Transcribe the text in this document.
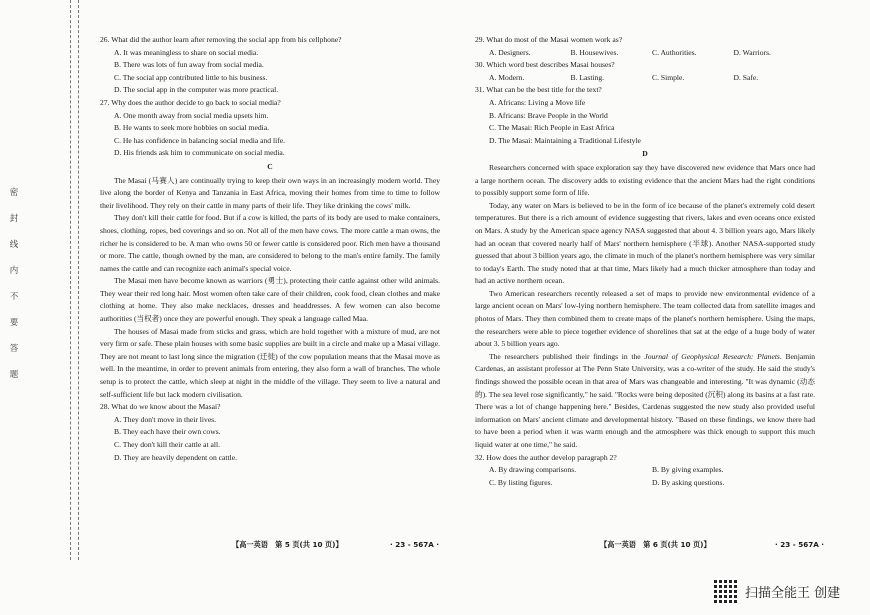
密 封 线 内 不 要 答 题

26. What did the author learn after removing the social app from his cellphone?

A. It was meaningless to share on social media.

B. There was lots of fun away from social media.

C. The social app contributed little to his business.

D. The social app in the computer was more practical.

27. Why does the author decide to go back to social media?

A. One month away from social media upsets him.

B. He wants to seek more hobbies on social media.

C. He has confidence in balancing social media and life.

D. His friends ask him to communicate on social media.

C

The Masai (马赛人) are continually trying to keep their own ways in an increasingly modern world. They live along the border of Kenya and Tanzania in East Africa, moving their homes from time to time to follow their livelihood. They rely on their cattle in many parts of their life. They like drinking the cows' milk.

They don't kill their cattle for food. But if a cow is killed, the parts of its body are used to make containers, shoes, clothing, ropes, bed coverings and so on. Not all of the men have cows. The more cattle a man owns, the richer he is considered to be. A man who owns 50 or fewer cattle is considered poor. Rich men have a thousand or more. The cattle, though owned by the man, are considered to belong to the man's entire family. The family names the cattle and can recognize each animal's special voice.

The Masai men have become known as warriors (勇士), protecting their cattle against other wild animals. They wear their red long hair. Most women often take care of their children, cook food, clean clothes and make clothing at home. They also make necklaces, dresses and headdresses. A few women can also become authorities (当权者) once they are powerful enough. They speak a language called Maa.

The houses of Masai made from sticks and grass, which are hold together with a mixture of mud, are not very firm or safe. These plain houses with some basic supplies are built in a circle and make up a Masai village. They are not meant to last long since the migration (迁徙) of the cow population means that the Masai move as well. In the meantime, in order to prevent animals from entering, they also form a wall of branches. The whole setup is to protect the cattle, which sleep at night in the middle of the village. They seem to live a natural and self-sufficient life but lack modern civilisation.

28. What do we know about the Masai?

A. They don't move in their lives.

B. They each have their own cows.

C. They don't kill their cattle at all.

D. They are heavily dependent on cattle.

【高一英语　第 5 页(共 10 页)】	· 23 - 567A ·

29. What do most of the Masai women work as?

A. Designers.	B. Housewives.	C. Authorities.	D. Warriors.

30. Which word best describes Masai houses?

A. Modern.	B. Lasting.	C. Simple.	D. Safe.

31. What can be the best title for the text?

A. Africans: Living a Move life

B. Africans: Brave People in the World

C. The Masai: Rich People in East Africa

D. The Masai: Maintaining a Traditional Lifestyle

D

Researchers concerned with space exploration say they have discovered new evidence that Mars once had a large northern ocean. The discovery adds to existing evidence that the ancient Mars had the right conditions to possibly support some form of life.

Today, any water on Mars is believed to be in the form of ice because of the planet's extremely cold desert temperatures. But there is a rich amount of evidence suggesting that rivers, lakes and even oceans once existed on Mars. A study by the American space agency NASA suggested that about 4. 3 billion years ago, Mars likely had an ocean that covered nearly half of Mars' northern hemisphere (半球). Another NASA-supported study guessed that about 3 billion years ago, the climate in much of the planet's northern hemisphere was very similar to today's Earth. The study noted that at that time, Mars likely had a much thicker atmosphere than today and had an active northern ocean.

Two American researchers recently released a set of maps to provide new environmental evidence of a large ancient ocean on Mars' low-lying northern hemisphere. The team collected data from satellite images and photos of Mars. They then combined them to create maps of the planet's northern hemisphere. Using the maps, the researchers were able to piece together evidence of shorelines that sat at the edge of a huge body of water about 3. 5 billion years ago.

The researchers published their findings in the Journal of Geophysical Research: Planets. Benjamin Cardenas, an assistant professor at The Penn State University, was a co-writer of the study. He said the study's findings showed the possible ocean in that area of Mars was changeable and interesting. "It was dynamic (动态的). The sea level rose significantly," he said. "Rocks were being deposited (沉积) along its basins at a fast rate. There was a lot of change happening here." Besides, Cardenas suggested the new study also provided useful information on Mars' ancient climate and developmental history. "Based on these findings, we know there had to have been a period when it was warm enough and the atmosphere was thick enough to support this much liquid water at one time," he said.

32. How does the author develop paragraph 2?

A. By drawing comparisons.	B. By giving examples.
C. By listing figures.	D. By asking questions.
【高一英语　第 6 页(共 10 页)】	· 23 - 567A ·
扫描全能王 创建
